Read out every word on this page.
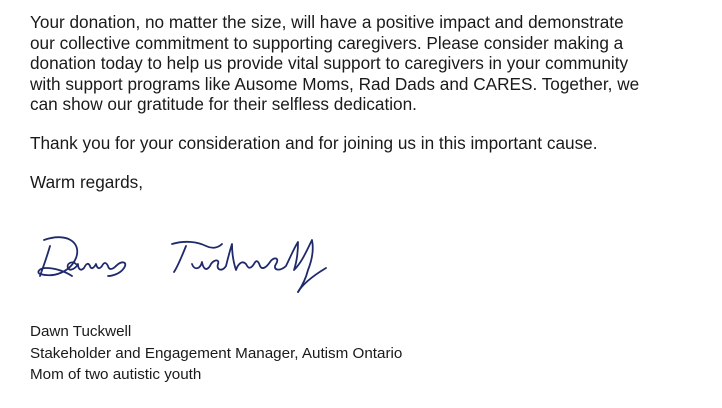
Your donation, no matter the size, will have a positive impact and demonstrate
our collective commitment to supporting caregivers. Please consider making a
donation today to help us provide vital support to caregivers in your community
with support programs like Ausome Moms, Rad Dads and CARES. Together, we
can show our gratitude for their selfless dedication.

Thank you for your consideration and for joining us in this important cause.

Warm regards,

Dawn Tuckwell
Stakeholder and Engagement Manager, Autism Ontario
Mom of two autistic youth
